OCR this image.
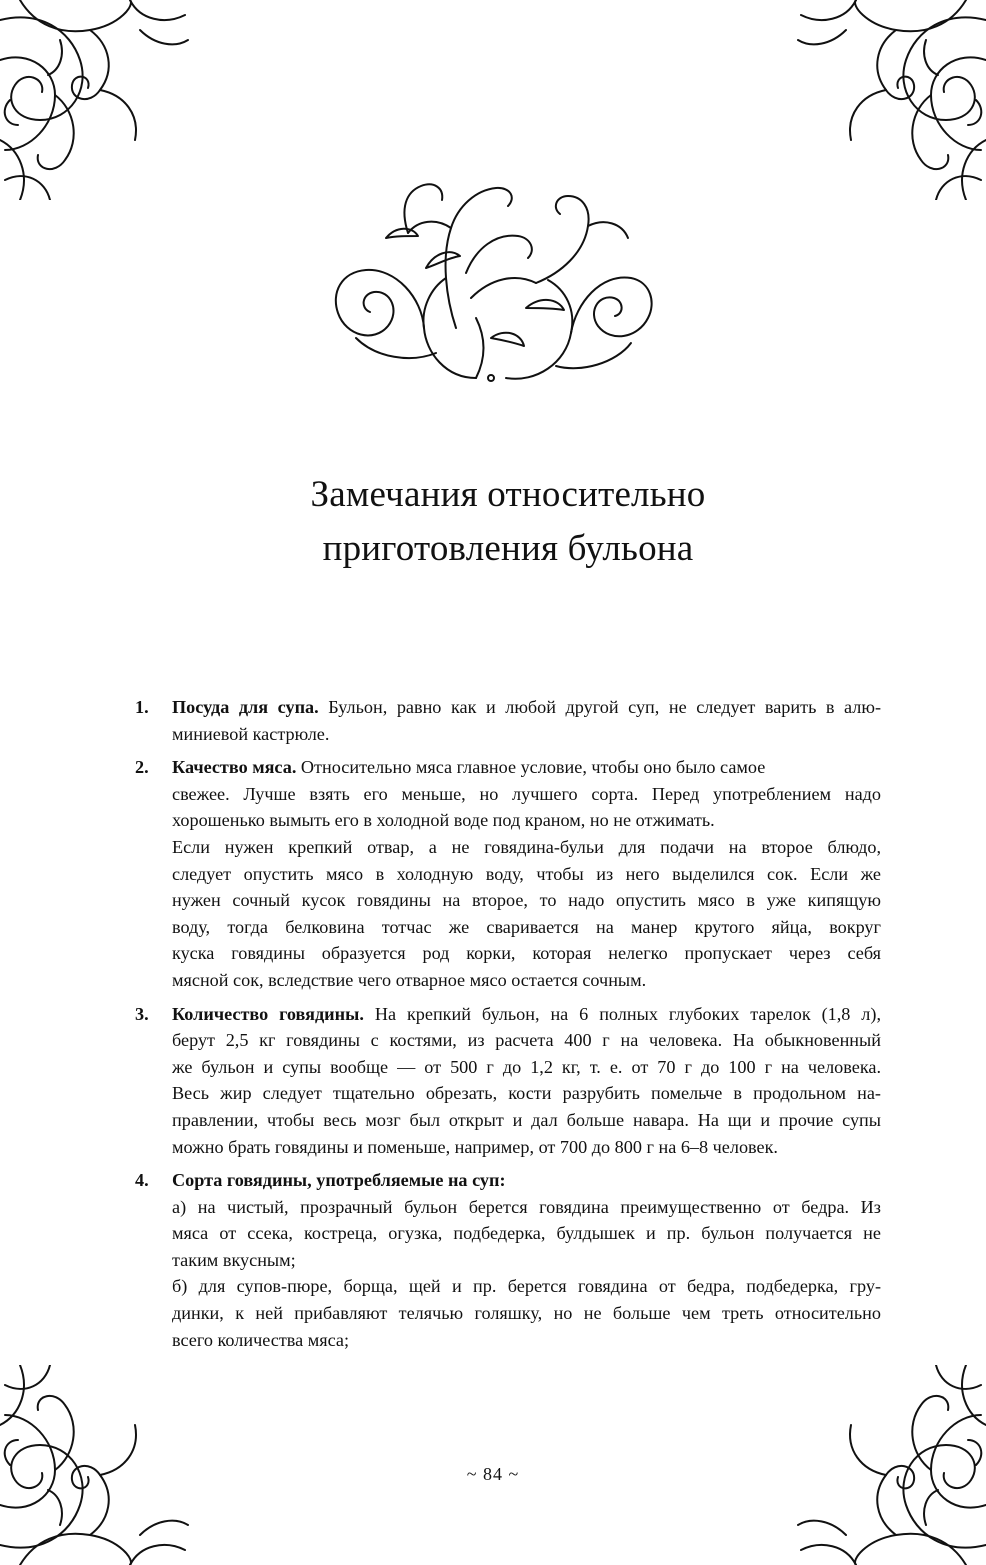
Замечания относительно
приготовления бульона
1. Посуда для супа. Бульон, равно как и любой другой суп, не следует варить в алю-
миниевой кастрюле.
2. Качество мяса. Относительно мяса главное условие, чтобы оно было самое
свежее. Лучше взять его меньше, но лучшего сорта. Перед употреблением надо
хорошенько вымыть его в холодной воде под краном, но не отжимать.
Если нужен крепкий отвар, а не говядина-бульи для подачи на второе блюдо,
следует опустить мясо в холодную воду, чтобы из него выделился сок. Если же
нужен сочный кусок говядины на второе, то надо опустить мясо в уже кипящую
воду, тогда белковина тотчас же сваривается на манер крутого яйца, вокруг
куска говядины образуется род корки, которая нелегко пропускает через себя
мясной сок, вследствие чего отварное мясо остается сочным.
3. Количество говядины. На крепкий бульон, на 6 полных глубоких тарелок (1,8 л),
берут 2,5 кг говядины с костями, из расчета 400 г на человека. На обыкновенный
же бульон и супы вообще — от 500 г до 1,2 кг, т. е. от 70 г до 100 г на человека.
Весь жир следует тщательно обрезать, кости разрубить помельче в продольном на-
правлении, чтобы весь мозг был открыт и дал больше навара. На щи и прочие супы
можно брать говядины и поменьше, например, от 700 до 800 г на 6–8 человек.
4. Сорта говядины, употребляемые на суп:
а) на чистый, прозрачный бульон берется говядина преимущественно от бедра. Из
мяса от ссека, костреца, огузка, подбедерка, булдышек и пр. бульон получается не
таким вкусным;
б) для супов-пюре, борща, щей и пр. берется говядина от бедра, подбедерка, гру-
динки, к ней прибавляют телячью голяшку, но не больше чем треть относительно
всего количества мяса;
~ 84 ~
